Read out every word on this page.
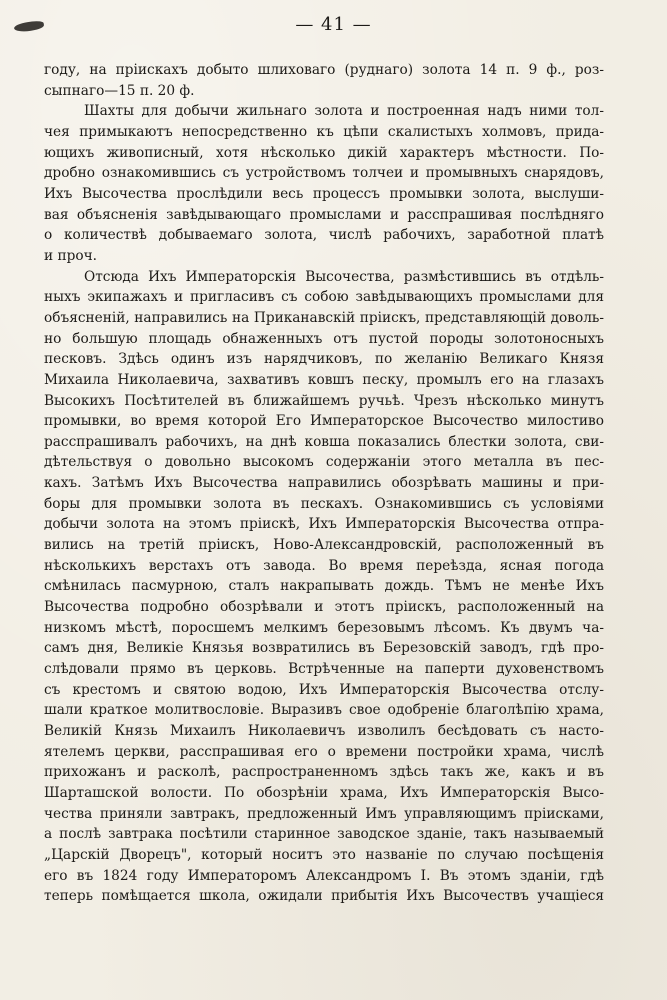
— 41 —
году, на пріискахъ добыто шлиховаго (руднаго) золота 14 п. 9 ф., роз-
сыпнаго—15 п. 20 ф.
Шахты для добычи жильнаго золота и построенная надъ ними тол-
чея примыкаютъ непосредственно къ цѣпи скалистыхъ холмовъ, прида-
ющихъ живописный, хотя нѣсколько дикій характеръ мѣстности. По-
дробно ознакомившись съ устройствомъ толчеи и промывныхъ снарядовъ,
Ихъ Высочества прослѣдили весь процессъ промывки золота, выслуши-
вая объясненія завѣдывающаго промыслами и расспрашивая послѣдняго
о количествѣ добываемаго золота, числѣ рабочихъ, заработной платѣ
и проч.
Отсюда Ихъ Императорскія Высочества, размѣстившись въ отдѣль-
ныхъ экипажахъ и пригласивъ съ собою завѣдывающихъ промыслами для
объясненій, направились на Приканавскій пріискъ, представляющій доволь-
но большую площадь обнаженныхъ отъ пустой породы золотоносныхъ
песковъ. Здѣсь одинъ изъ нарядчиковъ, по желанію Великаго Князя
Михаила Николаевича, захвативъ ковшъ песку, промылъ его на глазахъ
Высокихъ Посѣтителей въ ближайшемъ ручьѣ. Чрезъ нѣсколько минутъ
промывки, во время которой Его Императорское Высочество милостиво
расспрашивалъ рабочихъ, на днѣ ковша показались блестки золота, сви-
дѣтельствуя о довольно высокомъ содержаніи этого металла въ пес-
кахъ. Затѣмъ Ихъ Высочества направились обозрѣвать машины и при-
боры для промывки золота въ пескахъ. Ознакомившись съ условіями
добычи золота на этомъ пріискѣ, Ихъ Императорскія Высочества отпра-
вились на третій пріискъ, Ново-Александровскій, расположенный въ
нѣсколькихъ верстахъ отъ завода. Во время переѣзда, ясная погода
смѣнилась пасмурною, сталъ накрапывать дождь. Тѣмъ не менѣе Ихъ
Высочества подробно обозрѣвали и этотъ пріискъ, расположенный на
низкомъ мѣстѣ, поросшемъ мелкимъ березовымъ лѣсомъ. Къ двумъ ча-
самъ дня, Великіе Князья возвратились въ Березовскій заводъ, гдѣ про-
слѣдовали прямо въ церковь. Встрѣченные на паперти духовенствомъ
съ крестомъ и святою водою, Ихъ Императорскія Высочества отслу-
шали краткое молитвословіе. Выразивъ свое одобреніе благолѣпію храма,
Великій Князь Михаилъ Николаевичъ изволилъ бесѣдовать съ насто-
ятелемъ церкви, расспрашивая его о времени постройки храма, числѣ
прихожанъ и расколѣ, распространенномъ здѣсь такъ же, какъ и въ
Шарташской волости. По обозрѣніи храма, Ихъ Императорскія Высо-
чества приняли завтракъ, предложенный Имъ управляющимъ пріисками,
а послѣ завтрака посѣтили старинное заводское зданіе, такъ называемый
„Царскій Дворецъ", который носитъ это названіе по случаю посѣщенія
его въ 1824 году Императоромъ Александромъ I. Въ этомъ зданіи, гдѣ
теперь помѣщается школа, ожидали прибытія Ихъ Высочествъ учащіеся
